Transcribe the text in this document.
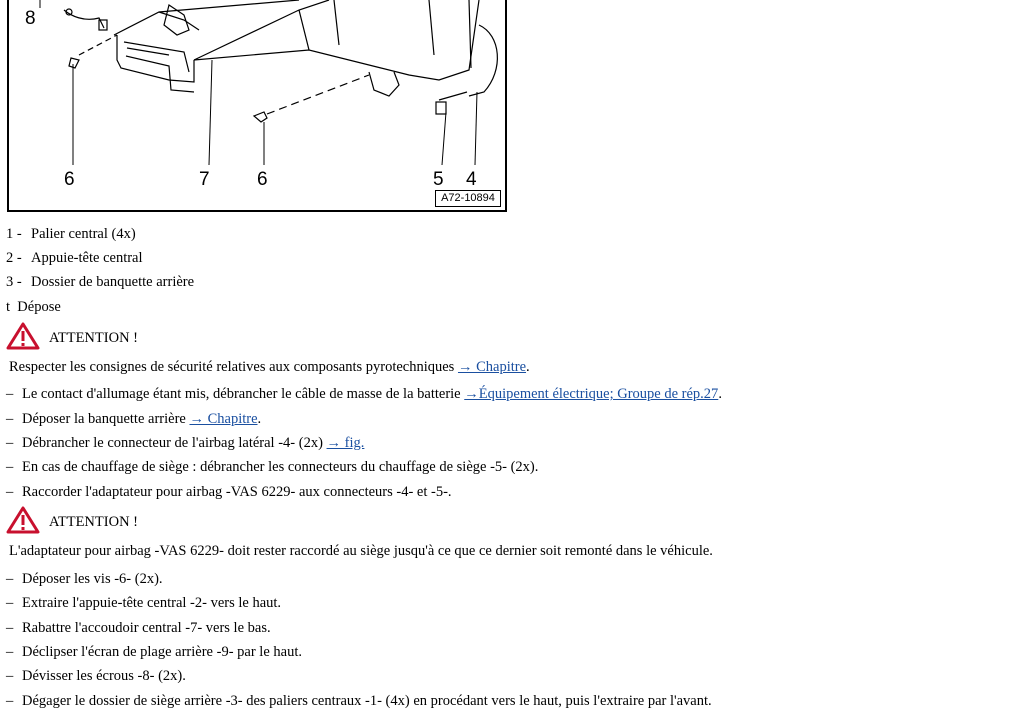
8
6	7 6	5 4
A72-10894
1 - Palier central (4x)
2 - Appuie-tête central
3 - Dossier de banquette arrière
t Dépose
ATTENTION !
Respecter les consignes de sécurité relatives aux composants pyrotechniques → Chapitre.
– Le contact d'allumage étant mis, débrancher le câble de masse de la batterie →Équipement électrique; Groupe de rép.27.
– Déposer la banquette arrière → Chapitre.
– Débrancher le connecteur de l'airbag latéral -4- (2x) → fig.
– En cas de chauffage de siège : débrancher les connecteurs du chauffage de siège -5- (2x).
– Raccorder l'adaptateur pour airbag -VAS 6229- aux connecteurs -4- et -5-.
ATTENTION !
L'adaptateur pour airbag -VAS 6229- doit rester raccordé au siège jusqu'à ce que ce dernier soit remonté dans le véhicule.
– Déposer les vis -6- (2x).
– Extraire l'appuie-tête central -2- vers le haut.
– Rabattre l'accoudoir central -7- vers le bas.
– Déclipser l'écran de plage arrière -9- par le haut.
– Dévisser les écrous -8- (2x).
– Dégager le dossier de siège arrière -3- des paliers centraux -1- (4x) en procédant vers le haut, puis l'extraire par l'avant.
